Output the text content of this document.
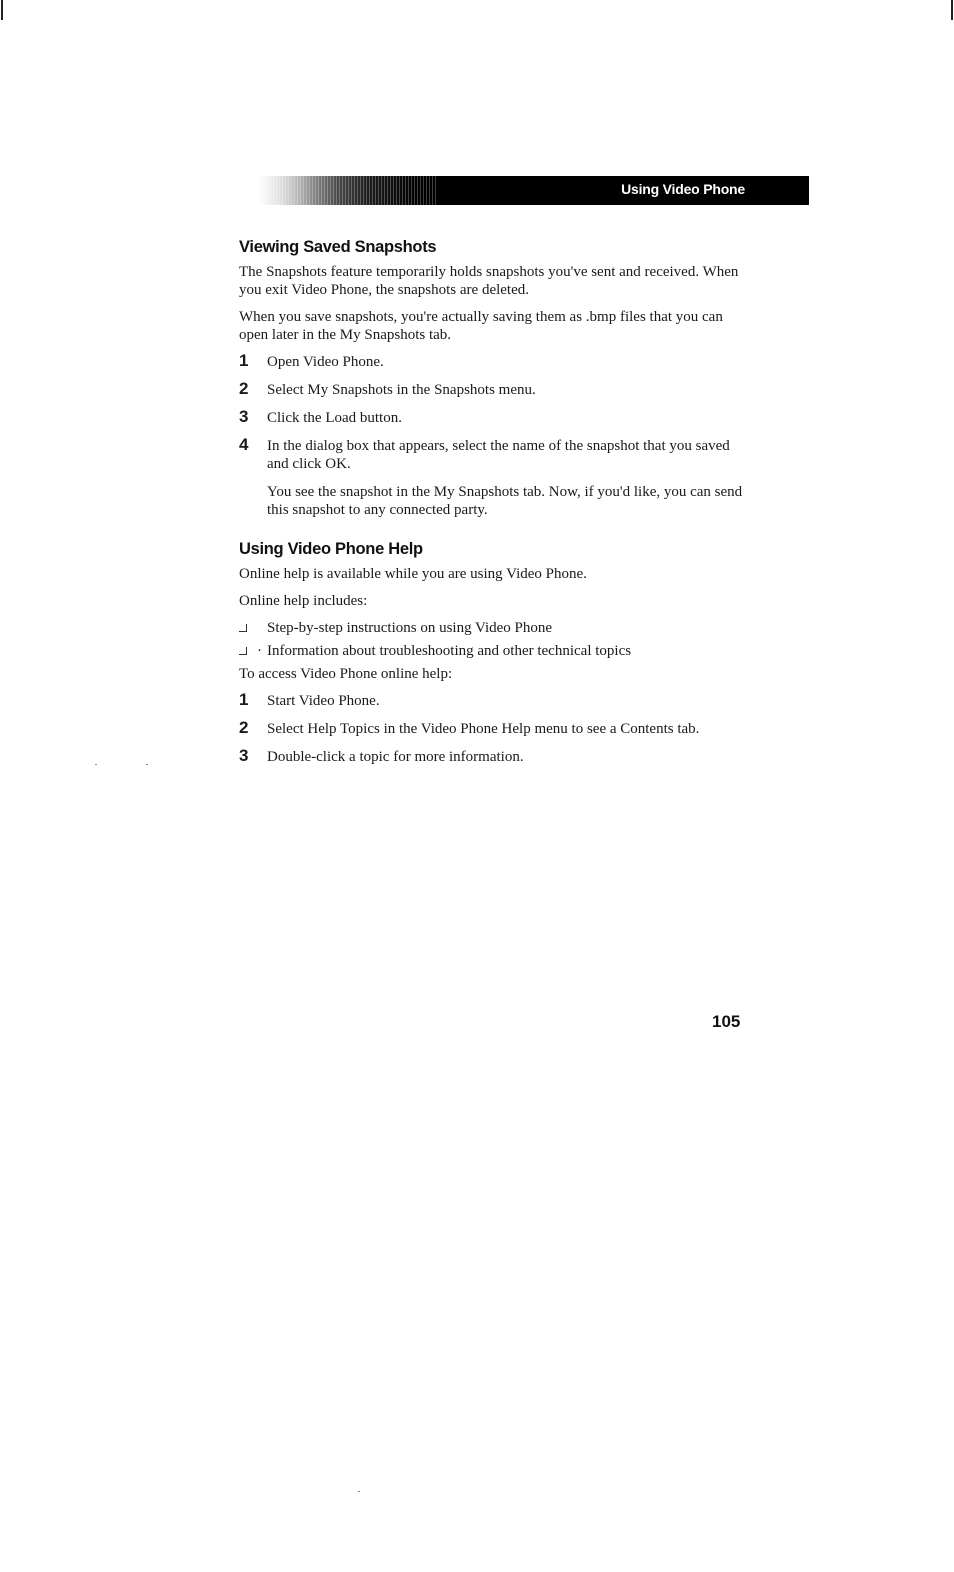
Using Video Phone
Viewing Saved Snapshots

The Snapshots feature temporarily holds snapshots you've sent and received. When you exit Video Phone, the snapshots are deleted.

When you save snapshots, you're actually saving them as .bmp files that you can open later in the My Snapshots tab.

1 Open Video Phone.
2 Select My Snapshots in the Snapshots menu.
3 Click the Load button.
4 In the dialog box that appears, select the name of the snapshot that you saved and click OK.
You see the snapshot in the My Snapshots tab. Now, if you'd like, you can send this snapshot to any connected party.
Using Video Phone Help

Online help is available while you are using Video Phone.

Online help includes:

Step-by-step instructions on using Video Phone
· Information about troubleshooting and other technical topics

To access Video Phone online help:

1 Start Video Phone.
2 Select Help Topics in the Video Phone Help menu to see a Contents tab.
3 Double-click a topic for more information.
105
